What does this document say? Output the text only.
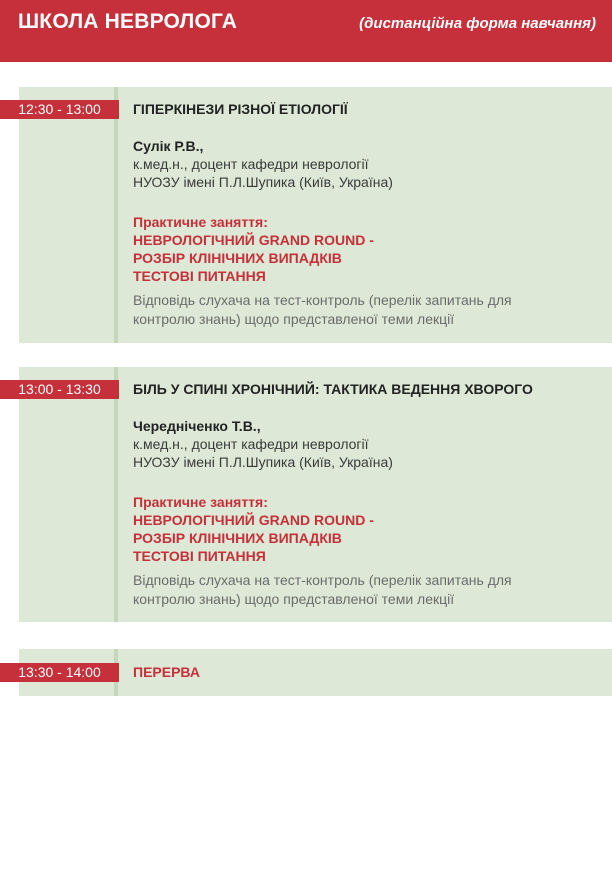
ШКОЛА НЕВРОЛОГА	(дистанційна форма навчання)
12:30 - 13:00	ГІПЕРКІНЕЗИ РІЗНОЇ ЕТІОЛОГІЇ
Сулік Р.В.,
к.мед.н., доцент кафедри неврології
НУОЗУ імені П.Л.Шупика (Київ, Україна)
Практичне заняття:
НЕВРОЛОГІЧНИЙ GRAND ROUND -
РОЗБІР КЛІНІЧНИХ ВИПАДКІВ
ТЕСТОВІ ПИТАННЯ
Відповідь слухача на тест-контроль (перелік запитань для
контролю знань) щодо представленої теми лекції
13:00 - 13:30	БІЛЬ У СПИНІ ХРОНІЧНИЙ: ТАКТИКА ВЕДЕННЯ ХВОРОГО
Чередніченко Т.В.,
к.мед.н., доцент кафедри неврології
НУОЗУ імені П.Л.Шупика (Київ, Україна)
Практичне заняття:
НЕВРОЛОГІЧНИЙ GRAND ROUND -
РОЗБІР КЛІНІЧНИХ ВИПАДКІВ
ТЕСТОВІ ПИТАННЯ
Відповідь слухача на тест-контроль (перелік запитань для
контролю знань) щодо представленої теми лекції
13:30 - 14:00	ПЕРЕРВА
